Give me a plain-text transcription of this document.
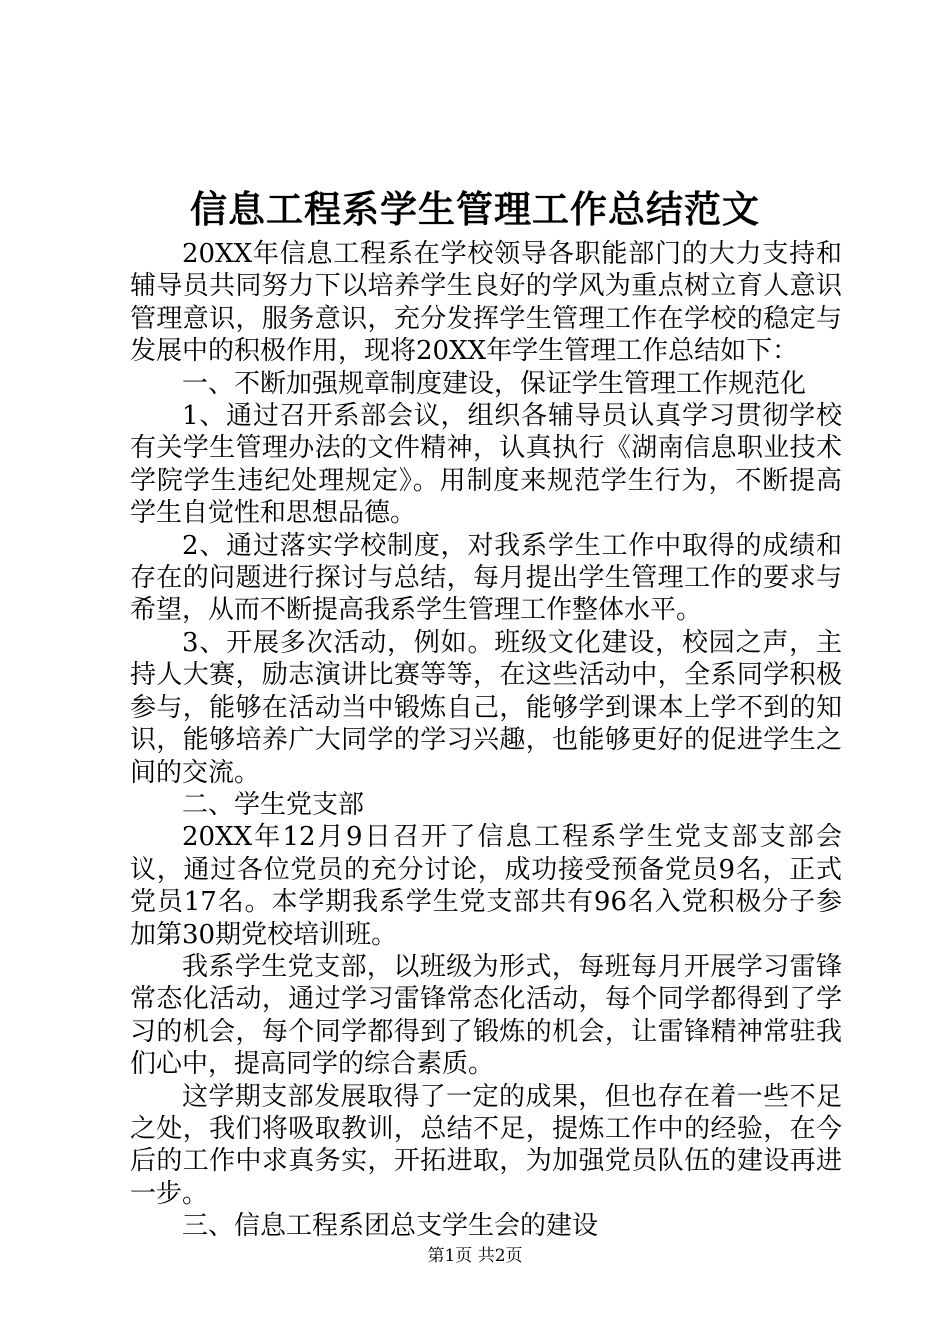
信息工程系学生管理工作总结范文

20XX年信息工程系在学校领导各职能部门的大力支持和辅导员共同努力下以培养学生良好的学风为重点树立育人意识管理意识，服务意识，充分发挥学生管理工作在学校的稳定与发展中的积极作用，现将20XX年学生管理工作总结如下：

一、不断加强规章制度建设，保证学生管理工作规范化

1、通过召开系部会议，组织各辅导员认真学习贯彻学校有关学生管理办法的文件精神，认真执行《湖南信息职业技术学院学生违纪处理规定》。用制度来规范学生行为，不断提高学生自觉性和思想品德。

2、通过落实学校制度，对我系学生工作中取得的成绩和存在的问题进行探讨与总结，每月提出学生管理工作的要求与希望，从而不断提高我系学生管理工作整体水平。

3、开展多次活动，例如。班级文化建设，校园之声，主持人大赛，励志演讲比赛等等，在这些活动中，全系同学积极参与，能够在活动当中锻炼自己，能够学到课本上学不到的知识，能够培养广大同学的学习兴趣，也能够更好的促进学生之间的交流。

二、学生党支部

20XX年12月9日召开了信息工程系学生党支部支部会议，通过各位党员的充分讨论，成功接受预备党员9名，正式党员17名。本学期我系学生党支部共有96名入党积极分子参加第30期党校培训班。

我系学生党支部，以班级为形式，每班每月开展学习雷锋常态化活动，通过学习雷锋常态化活动，每个同学都得到了学习的机会，每个同学都得到了锻炼的机会，让雷锋精神常驻我们心中，提高同学的综合素质。

这学期支部发展取得了一定的成果，但也存在着一些不足之处，我们将吸取教训，总结不足，提炼工作中的经验，在今后的工作中求真务实，开拓进取，为加强党员队伍的建设再进一步。

三、信息工程系团总支学生会的建设

第1页 共2页
